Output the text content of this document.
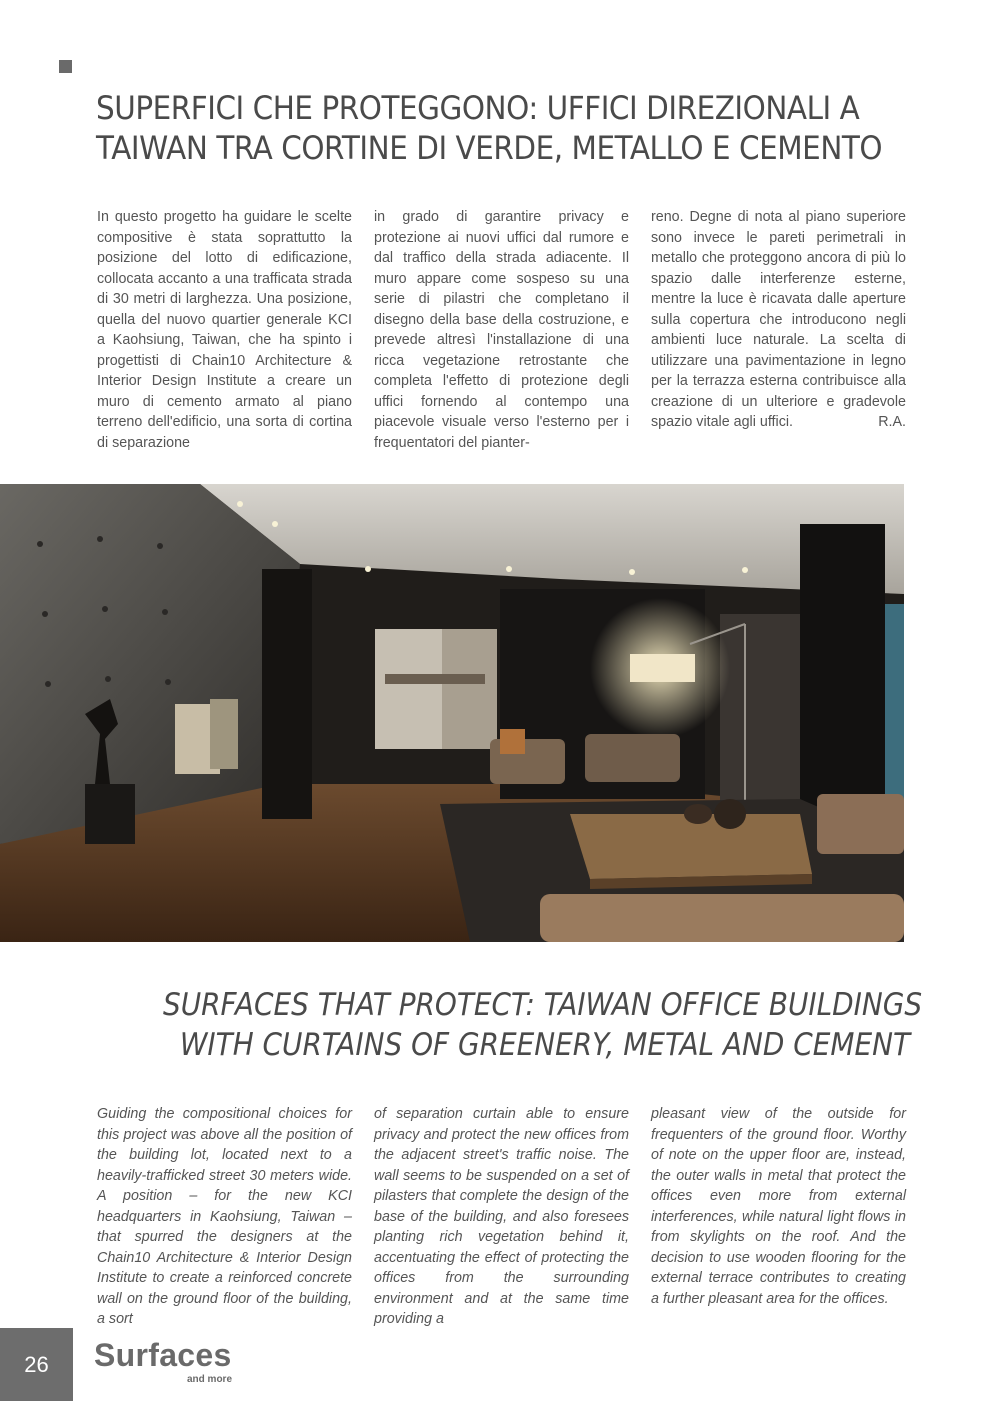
SUPERFICI CHE PROTEGGONO: UFFICI DIREZIONALI A
TAIWAN TRA CORTINE DI VERDE, METALLO E CEMENTO
In questo progetto ha guidare le scelte compositive è stata soprattutto la posizione del lotto di edificazione, collocata accanto a una trafficata strada di 30 metri di larghezza. Una posizione, quella del nuovo quartier generale KCI a Kaohsiung, Taiwan, che ha spinto i progettisti di Chain10 Architecture & Interior Design Institute a creare un muro di cemento armato al piano terreno dell'edificio, una sorta di cortina di separazione
in grado di garantire privacy e protezione ai nuovi uffici dal rumore e dal traffico della strada adiacente. Il muro appare come sospeso su una serie di pilastri che completano il disegno della base della costruzione, e prevede altresì l'installazione di una ricca vegetazione retrostante che completa l'effetto di protezione degli uffici fornendo al contempo una piacevole visuale verso l'esterno per i frequentatori del pianter-
reno. Degne di nota al piano superiore sono invece le pareti perimetrali in metallo che proteggono ancora di più lo spazio dalle interferenze esterne, mentre la luce è ricavata dalle aperture sulla copertura che introducono negli ambienti luce naturale. La scelta di utilizzare una pavimentazione in legno per la terrazza esterna contribuisce alla creazione di un ulteriore e gradevole spazio vitale agli uffici.	R.A.
SURFACES THAT PROTECT: TAIWAN OFFICE BUILDINGS
WITH CURTAINS OF GREENERY, METAL AND CEMENT
Guiding the compositional choices for this project was above all the position of the building lot, located next to a heavily-trafficked street 30 meters wide. A position – for the new KCI headquarters in Kaohsiung, Taiwan – that spurred the designers at the Chain10 Architecture & Interior Design Institute to create a reinforced concrete wall on the ground floor of the building, a sort
of separation curtain able to ensure privacy and protect the new offices from the adjacent street's traffic noise. The wall seems to be suspended on a set of pilasters that complete the design of the base of the building, and also foresees planting rich vegetation behind it, accentuating the effect of protecting the offices from the surrounding environment and at the same time providing a
pleasant view of the outside for frequenters of the ground floor. Worthy of note on the upper floor are, instead, the outer walls in metal that protect the offices even more from external interferences, while natural light flows in from skylights on the roof. And the decision to use wooden flooring for the external terrace contributes to creating a further pleasant area for the offices.
26	Surfaces
and more
